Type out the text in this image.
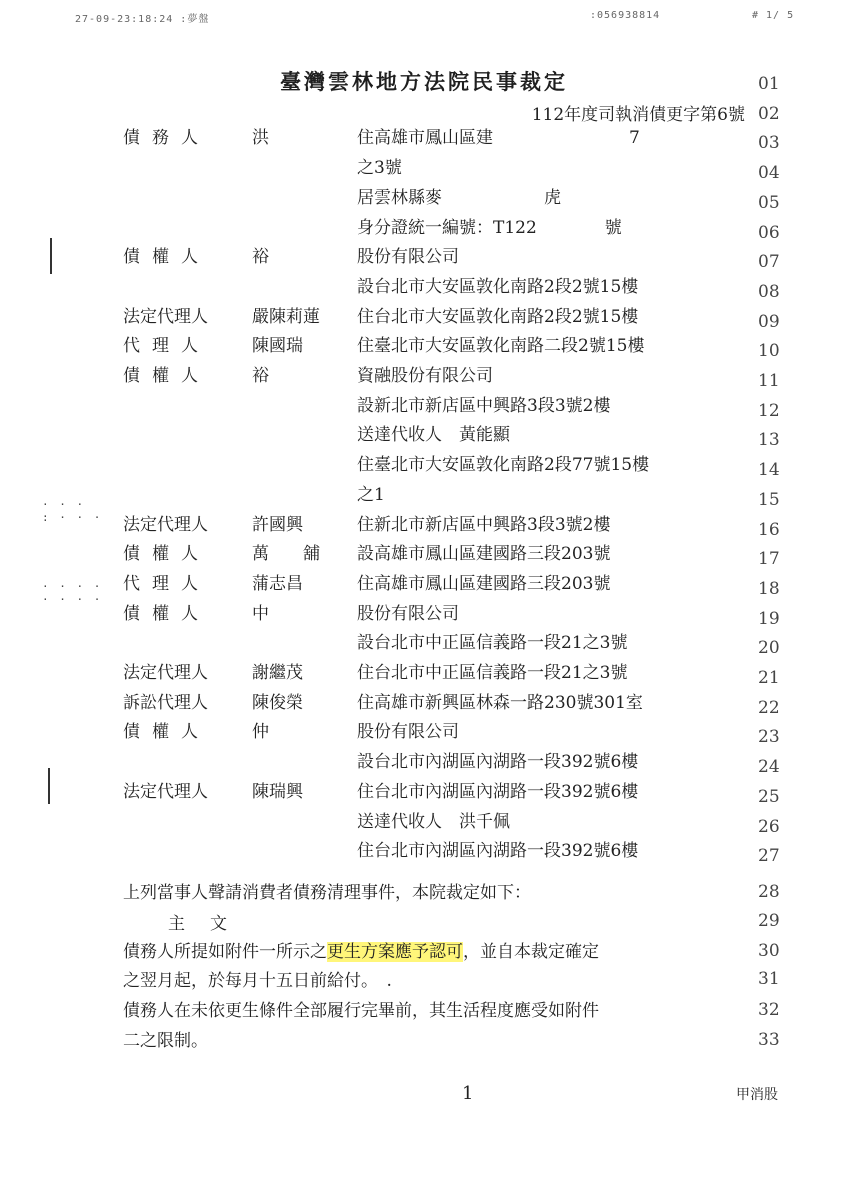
27-09-23:18:24 :夢盤	:056938814	# 1/ 5
臺灣雲林地方法院民事裁定
112年度司執消債更字第6號
01
02
債務人 洪	住高雄市鳳山區建　　　　　　　　7	03
之3號	04
居雲林縣麥　　　　　　虎	05
身分證統一編號：T122　　　　號	06
債權人 裕	股份有限公司	07
設台北市大安區敦化南路2段2號15樓	08
法定代理人	嚴陳莉蓮 住台北市大安區敦化南路2段2號15樓	09
代理人 陳國瑞	住臺北市大安區敦化南路二段2號15樓	10
債權人 裕	資融股份有限公司	11
設新北市新店區中興路3段3號2樓	12
送達代收人　黃能顯	13
住臺北市大安區敦化南路2段77號15樓	14
之1	15
法定代理人	許國興	住新北市新店區中興路3段3號2樓	16
債權人 萬　　舖 設高雄市鳳山區建國路三段203號	17
代理人 蒲志昌	住高雄市鳳山區建國路三段203號	18
債權人 中	股份有限公司	19
設台北市中正區信義路一段21之3號	20
法定代理人	謝繼茂	住台北市中正區信義路一段21之3號	21
訴訟代理人	陳俊榮	住高雄市新興區林森一路230號301室	22
債權人 仲	股份有限公司	23
設台北市內湖區內湖路一段392號6樓	24
法定代理人	陳瑞興	住台北市內湖區內湖路一段392號6樓	25
送達代收人　洪千佩	26
住台北市內湖區內湖路一段392號6樓	27
上列當事人聲請消費者債務清理事件，本院裁定如下：	28
主　文	29
債務人所提如附件一所示之更生方案應予認可，並自本裁定確定	30
之翌月起，於每月十五日前給付。　.	31
債務人在未依更生條件全部履行完畢前，其生活程度應受如附件	32
二之限制。	33
1	甲消股
· · ·
: · · ·
· · · ·
· · · ·
